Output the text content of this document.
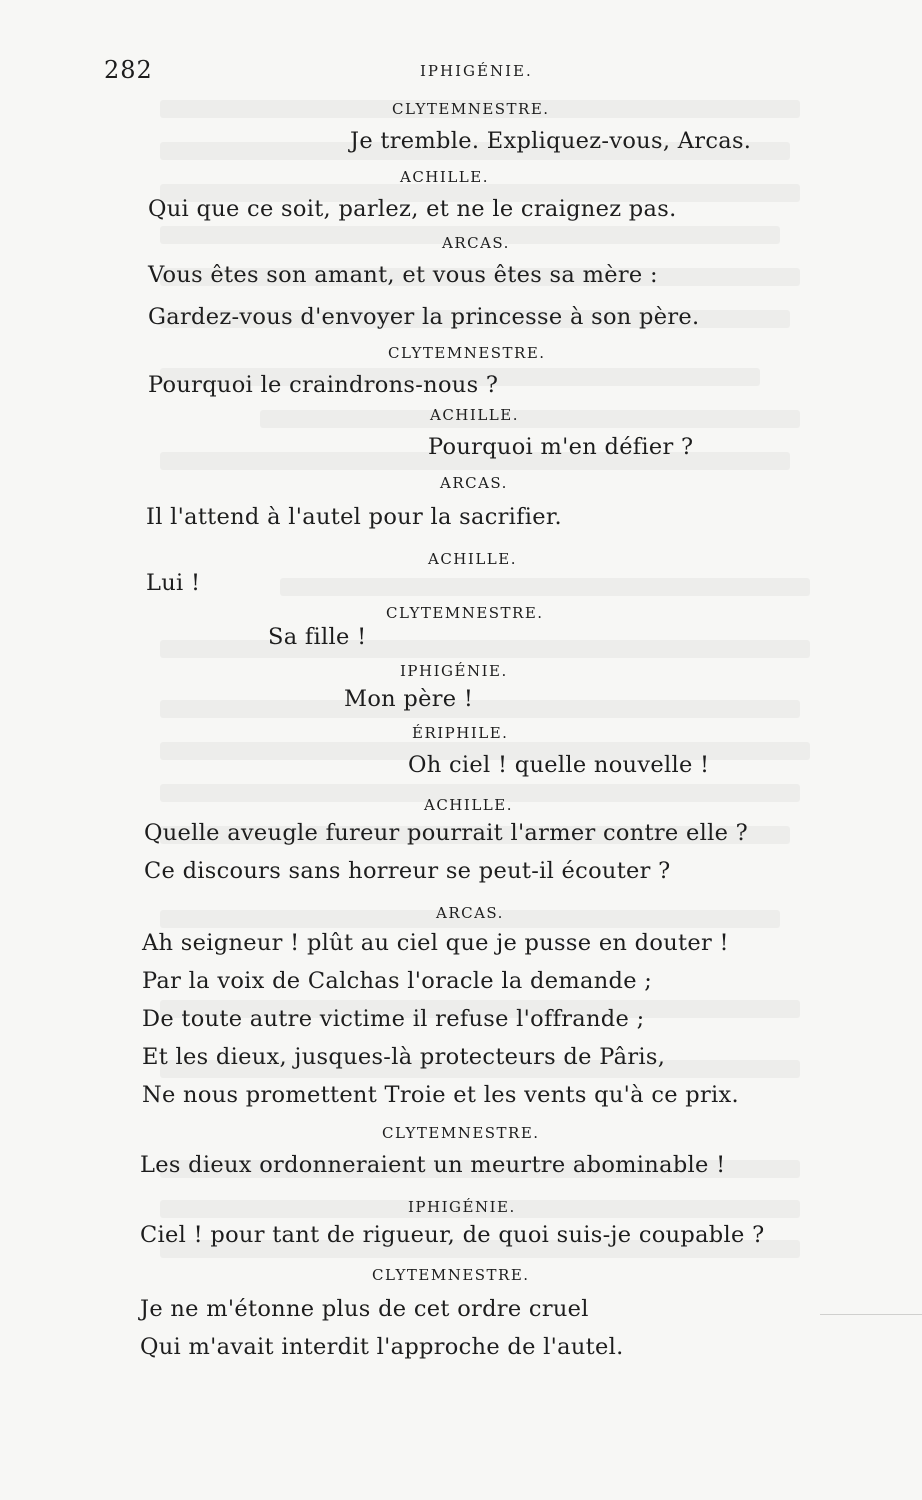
282	IPHIGÉNIE.
CLYTEMNESTRE.
Je tremble. Expliquez-vous, Arcas.
ACHILLE.
Qui que ce soit, parlez, et ne le craignez pas.
ARCAS.
Vous êtes son amant, et vous êtes sa mère :
Gardez-vous d'envoyer la princesse à son père.
CLYTEMNESTRE.
Pourquoi le craindrons-nous ?
ACHILLE.
Pourquoi m'en défier ?
ARCAS.
Il l'attend à l'autel pour la sacrifier.
ACHILLE.
Lui !
CLYTEMNESTRE.
Sa fille !
IPHIGÉNIE.
Mon père !
ÉRIPHILE.
Oh ciel ! quelle nouvelle !
ACHILLE.
Quelle aveugle fureur pourrait l'armer contre elle ?
Ce discours sans horreur se peut-il écouter ?
ARCAS.
Ah seigneur ! plût au ciel que je pusse en douter !
Par la voix de Calchas l'oracle la demande ;
De toute autre victime il refuse l'offrande ;
Et les dieux, jusques-là protecteurs de Pâris,
Ne nous promettent Troie et les vents qu'à ce prix.
CLYTEMNESTRE.
Les dieux ordonneraient un meurtre abominable !
IPHIGÉNIE.
Ciel ! pour tant de rigueur, de quoi suis-je coupable ?
CLYTEMNESTRE.
Je ne m'étonne plus de cet ordre cruel
Qui m'avait interdit l'approche de l'autel.
